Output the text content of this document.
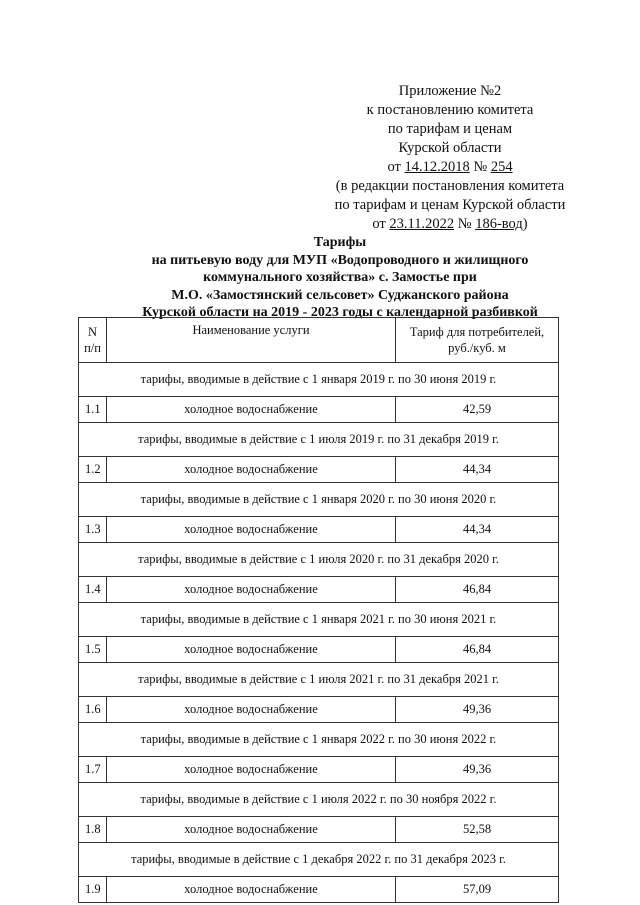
Приложение №2
к постановлению комитета
по тарифам и ценам
Курской области
от 14.12.2018 № 254
(в редакции постановления комитета
по тарифам и ценам Курской области
от 23.11.2022 № 186-вод)
Тарифы
на питьевую воду для МУП «Водопроводного и жилищного
коммунального хозяйства» с. Замостье при
М.О. «Замостянский сельсовет» Суджанского района
Курской области на 2019 - 2023 годы с календарной разбивкой
N
п/п	Наименование услуги	Тариф для потребителей,
руб./куб. м
тарифы, вводимые в действие с 1 января 2019 г. по 30 июня 2019 г.		
1.1	холодное водоснабжение	42,59
тарифы, вводимые в действие с 1 июля 2019 г. по 31 декабря 2019 г.		
1.2	холодное водоснабжение	44,34
тарифы, вводимые в действие с 1 января 2020 г. по 30 июня 2020 г.		
1.3	холодное водоснабжение	44,34
тарифы, вводимые в действие с 1 июля 2020 г. по 31 декабря 2020 г.		
1.4	холодное водоснабжение	46,84
тарифы, вводимые в действие с 1 января 2021 г. по 30 июня 2021 г.		
1.5	холодное водоснабжение	46,84
тарифы, вводимые в действие с 1 июля 2021 г. по 31 декабря 2021 г.		
1.6	холодное водоснабжение	49,36
тарифы, вводимые в действие с 1 января 2022 г. по 30 июня 2022 г.		
1.7	холодное водоснабжение	49,36
тарифы, вводимые в действие с 1 июля 2022 г. по 30 ноября 2022 г.		
1.8	холодное водоснабжение	52,58
тарифы, вводимые в действие с 1 декабря 2022 г. по 31 декабря 2023 г.		
1.9	холодное водоснабжение	57,09
